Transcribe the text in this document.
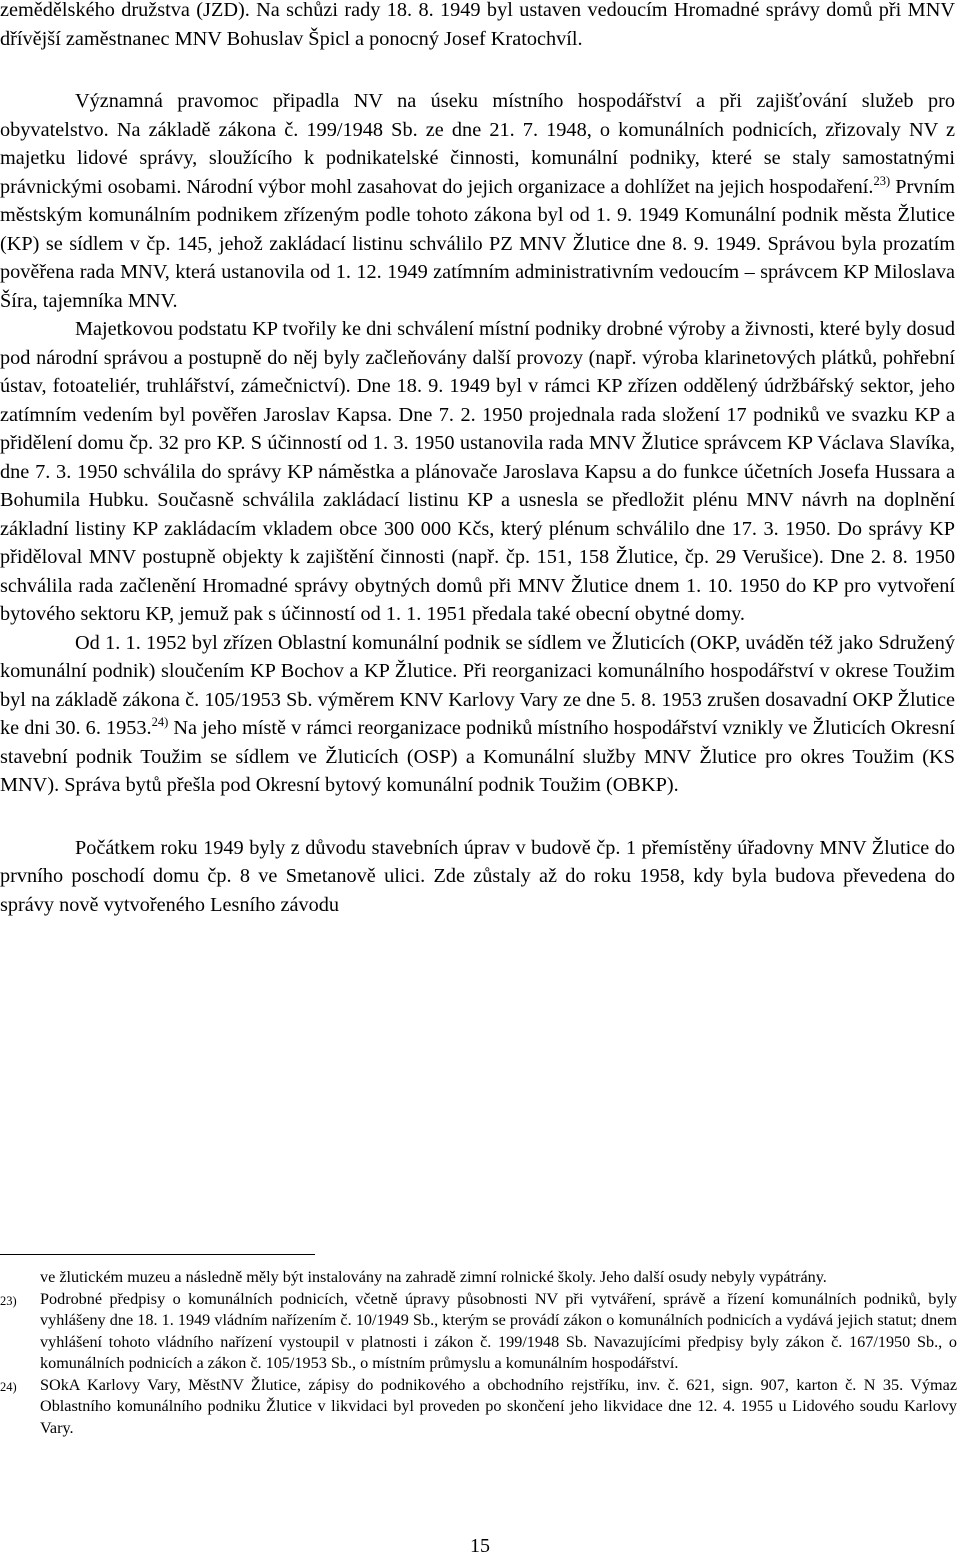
zemědělského družstva (JZD). Na schůzi rady 18. 8. 1949 byl ustaven vedoucím Hromadné správy domů při MNV dřívější zaměstnanec MNV Bohuslav Špicl a ponocný Josef Kratochvíl.

Významná pravomoc připadla NV na úseku místního hospodářství a při zajišťování služeb pro obyvatelstvo. Na základě zákona č. 199/1948 Sb. ze dne 21. 7. 1948, o komunálních podnicích, zřizovaly NV z majetku lidové správy, sloužícího k podnikatelské činnosti, komunální podniky, které se staly samostatnými právnickými osobami. Národní výbor mohl zasahovat do jejich organizace a dohlížet na jejich hospodaření.$^{23)}$ Prvním městským komunálním podnikem zřízeným podle tohoto zákona byl od 1. 9. 1949 Komunální podnik města Žlutice (KP) se sídlem v čp. 145, jehož zakládací listinu schválilo PZ MNV Žlutice dne 8. 9. 1949. Správou byla prozatím pověřena rada MNV, která ustanovila od 1. 12. 1949 zatímním administrativním vedoucím – správcem KP Miloslava Šíra, tajemníka MNV.

Majetkovou podstatu KP tvořily ke dni schválení místní podniky drobné výroby a živnosti, které byly dosud pod národní správou a postupně do něj byly začleňovány další provozy (např. výroba klarinetových plátků, pohřební ústav, fotoateliér, truhlářství, zámečnictví). Dne 18. 9. 1949 byl v rámci KP zřízen oddělený údržbářský sektor, jeho zatímním vedením byl pověřen Jaroslav Kapsa. Dne 7. 2. 1950 projednala rada složení 17 podniků ve svazku KP a přidělení domu čp. 32 pro KP. S účinností od 1. 3. 1950 ustanovila rada MNV Žlutice správcem KP Václava Slavíka, dne 7. 3. 1950 schválila do správy KP náměstka a plánovače Jaroslava Kapsu a do funkce účetních Josefa Hussara a Bohumila Hubku. Současně schválila zakládací listinu KP a usnesla se předložit plénu MNV návrh na doplnění základní listiny KP zakládacím vkladem obce 300 000 Kčs, který plénum schválilo dne 17. 3. 1950. Do správy KP přiděloval MNV postupně objekty k zajištění činnosti (např. čp. 151, 158 Žlutice, čp. 29 Verušice). Dne 2. 8. 1950 schválila rada začlenění Hromadné správy obytných domů při MNV Žlutice dnem 1. 10. 1950 do KP pro vytvoření bytového sektoru KP, jemuž pak s účinností od 1. 1. 1951 předala také obecní obytné domy.

Od 1. 1. 1952 byl zřízen Oblastní komunální podnik se sídlem ve Žluticích (OKP, uváděn též jako Sdružený komunální podnik) sloučením KP Bochov a KP Žlutice. Při reorganizaci komunálního hospodářství v okrese Toužim byl na základě zákona č. 105/1953 Sb. výměrem KNV Karlovy Vary ze dne 5. 8. 1953 zrušen dosavadní OKP Žlutice ke dni 30. 6. 1953.$^{24)}$ Na jeho místě v rámci reorganizace podniků místního hospodářství vznikly ve Žluticích Okresní stavební podnik Toužim se sídlem ve Žluticích (OSP) a Komunální služby MNV Žlutice pro okres Toužim (KS MNV). Správa bytů přešla pod Okresní bytový komunální podnik Toužim (OBKP).

Počátkem roku 1949 byly z důvodu stavebních úprav v budově čp. 1 přemístěny úřadovny MNV Žlutice do prvního poschodí domu čp. 8 ve Smetanově ulici. Zde zůstaly až do roku 1958, kdy byla budova převedena do správy nově vytvořeného Lesního závodu

ve žlutickém muzeu a následně měly být instalovány na zahradě zimní rolnické školy. Jeho další osudy nebyly vypátrány.

23) Podrobné předpisy o komunálních podnicích, včetně úpravy působnosti NV při vytváření, správě a řízení komunálních podniků, byly vyhlášeny dne 18. 1. 1949 vládním nařízením č. 10/1949 Sb., kterým se provádí zákon o komunálních podnicích a vydává jejich statut; dnem vyhlášení tohoto vládního nařízení vystoupil v platnosti i zákon č. 199/1948 Sb. Navazujícími předpisy byly zákon č. 167/1950 Sb., o komunálních podnicích a zákon č. 105/1953 Sb., o místním průmyslu a komunálním hospodářství.

24) SOkA Karlovy Vary, MěstNV Žlutice, zápisy do podnikového a obchodního rejstříku, inv. č. 621, sign. 907, karton č. N 35. Výmaz Oblastního komunálního podniku Žlutice v likvidaci byl proveden po skončení jeho likvidace dne 12. 4. 1955 u Lidového soudu Karlovy Vary.

15
